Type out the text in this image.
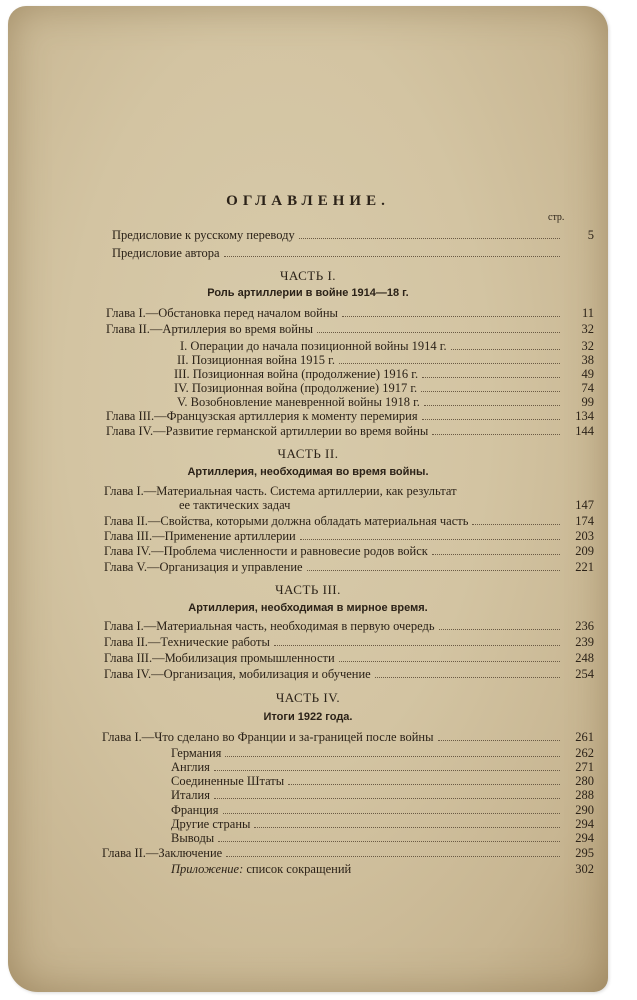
ОГЛАВЛЕНИЕ.
стр.
Предисловие к русскому переводу	5
Предисловие автора
ЧАСТЬ I.
Роль артиллерии в войне 1914—18 г.
Глава I.—Обстановка перед началом войны	11
Глава II.—Артиллерия во время войны	32
I. Операции до начала позиционной войны 1914 г.	32
II. Позиционная война 1915 г.	38
III. Позиционная война (продолжение) 1916 г.	49
IV. Позиционная война (продолжение) 1917 г.	74
V. Возобновление маневренной войны 1918 г.	99
Глава III.—Французская артиллерия к моменту перемирия	134
Глава IV.—Развитие германской артиллерии во время войны	144
ЧАСТЬ II.
Артиллерия, необходимая во время войны.
Глава I.—Материальная часть. Система артиллерии, как результат
ее тактических задач	147
Глава II.—Свойства, которыми должна обладать материальная часть	174
Глава III.—Применение артиллерии	203
Глава IV.—Проблема численности и равновесие родов войск	209
Глава V.—Организация и управление	221
ЧАСТЬ III.
Артиллерия, необходимая в мирное время.
Глава I.—Материальная часть, необходимая в первую очередь	236
Глава II.—Технические работы	239
Глава III.—Мобилизация промышленности	248
Глава IV.—Организация, мобилизация и обучение	254
ЧАСТЬ IV.
Итоги 1922 года.
Глава I.—Что сделано во Франции и за-границей после войны	261
Германия	262
Англия	271
Соединенные Штаты	280
Италия	288
Франция	290
Другие страны	294
Выводы	294
Глава II.—Заключение	295
Приложение: список сокращений	302
